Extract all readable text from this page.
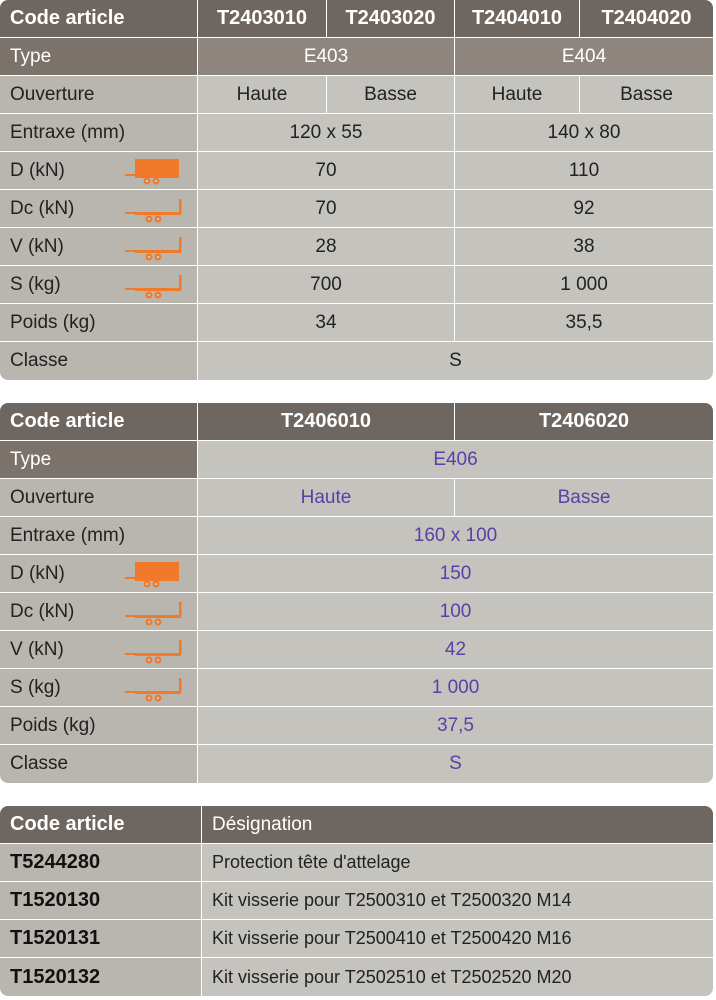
Code article	T2403010	T2403020	T2404010	T2404020
Type	E403		E404	
Ouverture	Haute	Basse	Haute	Basse
Entraxe (mm)	120 x 55		140 x 80	

D (kN)	70		110	

Dc (kN)	70		92	

V (kN)	28		38	

S (kg)	700		1 000	
Poids (kg)	34		35,5	
Classe	S			
Code article	T2406010	T2406020
Type	E406	
Ouverture	Haute	Basse
Entraxe (mm)	160 x 100	

D (kN)	150	

Dc (kN)	100	

V (kN)	42	

S (kg)	1 000	
Poids (kg)	37,5	
Classe	S	
Code article	Désignation
T5244280	Protection tête d'attelage
T1520130	Kit visserie pour T2500310 et T2500320 M14
T1520131	Kit visserie pour T2500410 et T2500420 M16
T1520132	Kit visserie pour T2502510 et T2502520 M20
